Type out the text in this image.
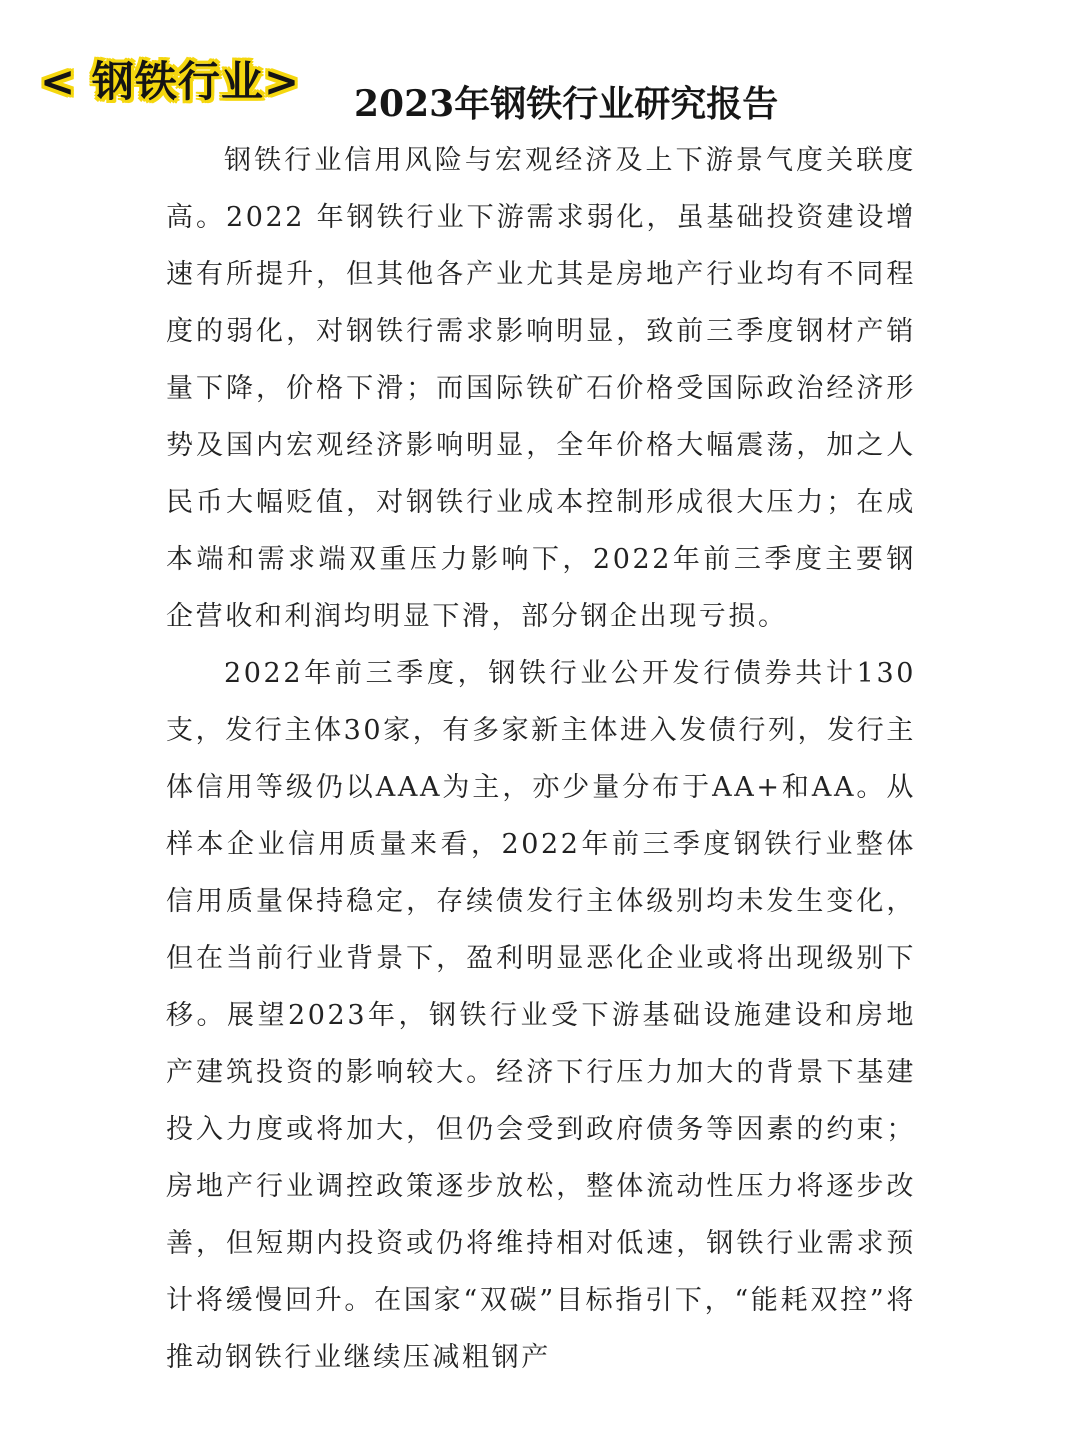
< 钢铁行业> 2023年钢铁行业研究报告

钢铁行业信用风险与宏观经济及上下游景气度关联度高。2022 年钢铁行业下游需求弱化，虽基础投资建设增速有所提升，但其他各产业尤其是房地产行业均有不同程度的弱化，对钢铁行需求影响明显，致前三季度钢材产销量下降，价格下滑；而国际铁矿石价格受国际政治经济形势及国内宏观经济影响明显，全年价格大幅震荡，加之人民币大幅贬值，对钢铁行业成本控制形成很大压力；在成本端和需求端双重压力影响下，2022年前三季度主要钢企营收和利润均明显下滑，部分钢企出现亏损。

2022年前三季度，钢铁行业公开发行债券共计130支，发行主体30家，有多家新主体进入发债行列，发行主体信用等级仍以AAA为主，亦少量分布于AA+和AA。从样本企业信用质量来看，2022年前三季度钢铁行业整体信用质量保持稳定，存续债发行主体级别均未发生变化，但在当前行业背景下，盈利明显恶化企业或将出现级别下移。展望2023年，钢铁行业受下游基础设施建设和房地产建筑投资的影响较大。经济下行压力加大的背景下基建投入力度或将加大，但仍会受到政府债务等因素的约束；房地产行业调控政策逐步放松，整体流动性压力将逐步改善，但短期内投资或仍将维持相对低速，钢铁行业需求预计将缓慢回升。在国家“双碳”目标指引下，“能耗双控”将推动钢铁行业继续压减粗钢产
